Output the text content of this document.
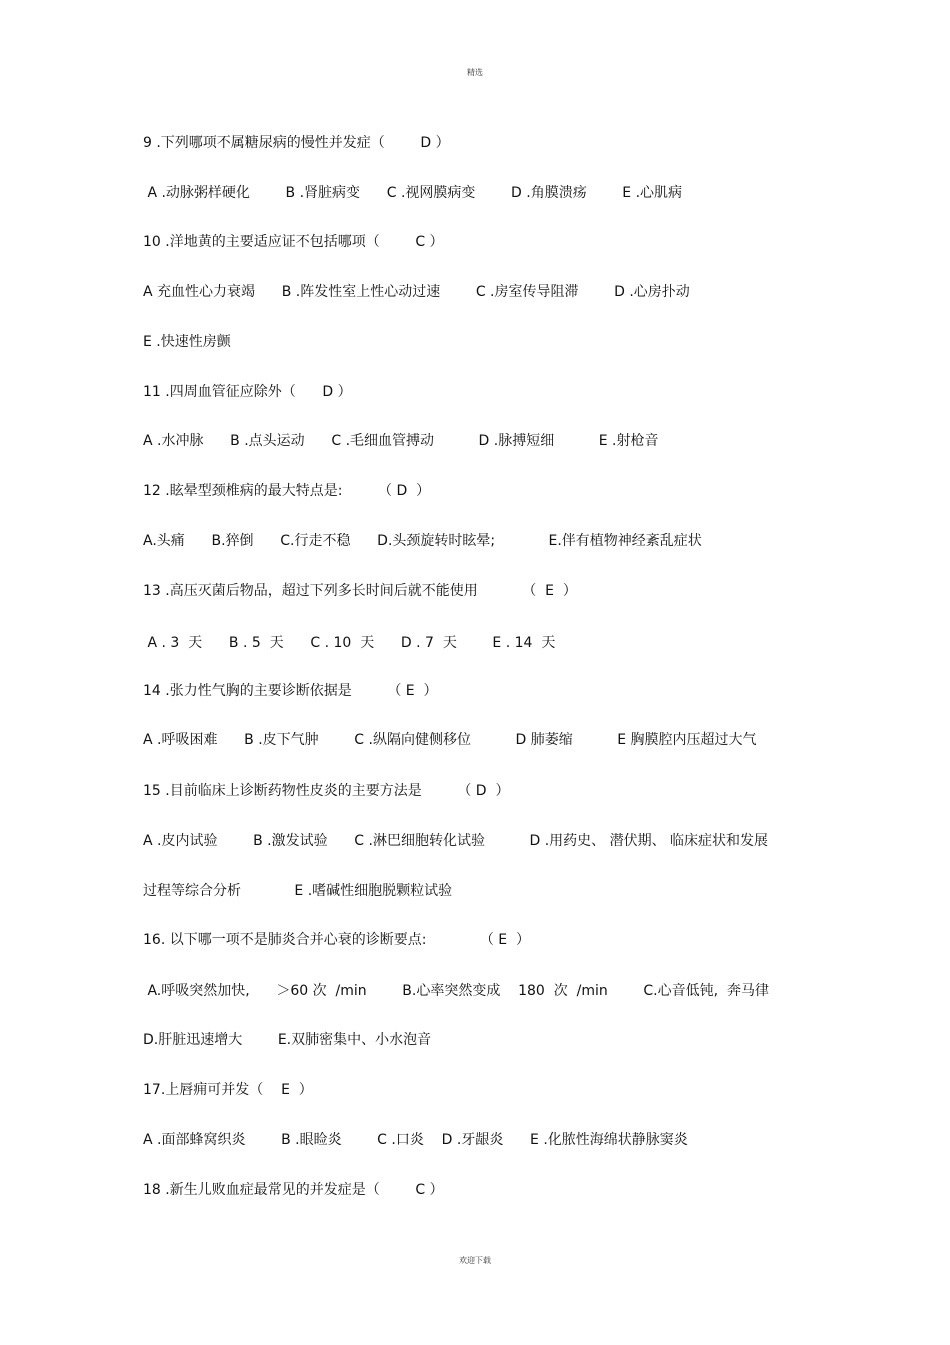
精选
9 .下列哪项不属糖尿病的慢性并发症（        D ）
A .动脉粥样硬化        B .肾脏病变      C .视网膜病变        D .角膜溃疡        E .心肌病
10 .洋地黄的主要适应证不包括哪项（        C ）
A 充血性心力衰竭      B .阵发性室上性心动过速        C .房室传导阻滞        D .心房扑动
E .快速性房颤
11 .四周血管征应除外（      D ）
A .水冲脉      B .点头运动      C .毛细血管搏动          D .脉搏短细          E .射枪音
12 .眩晕型颈椎病的最大特点是:        （ D  ）
A.头痛      B.猝倒      C.行走不稳      D.头颈旋转时眩晕;            E.伴有植物神经紊乱症状
13 .高压灭菌后物品，超过下列多长时间后就不能使用          （  E  ）
A . 3  天      B . 5  天      C . 10  天      D . 7  天        E . 14  天
14 .张力性气胸的主要诊断依据是        （ E  ）
A .呼吸困难      B .皮下气肿        C .纵隔向健侧移位          D 肺萎缩          E 胸膜腔内压超过大气
15 .目前临床上诊断药物性皮炎的主要方法是        （ D  ）
A .皮内试验        B .激发试验      C .淋巴细胞转化试验          D .用药史、 潜伏期、 临床症状和发展
过程等综合分析            E .嗜碱性细胞脱颗粒试验
16. 以下哪一项不是肺炎合并心衰的诊断要点:            （ E  ）
A.呼吸突然加快,      ＞60 次  /min        B.心率突然变成    180  次  /min        C.心音低钝,  奔马律
D.肝脏迅速增大        E.双肺密集中、小水泡音
17.上唇痈可并发（    E  ）
A .面部蜂窝织炎        B .眼睑炎        C .口炎    D .牙龈炎      E .化脓性海绵状静脉窦炎
18 .新生儿败血症最常见的并发症是（        C ）
欢迎下载
